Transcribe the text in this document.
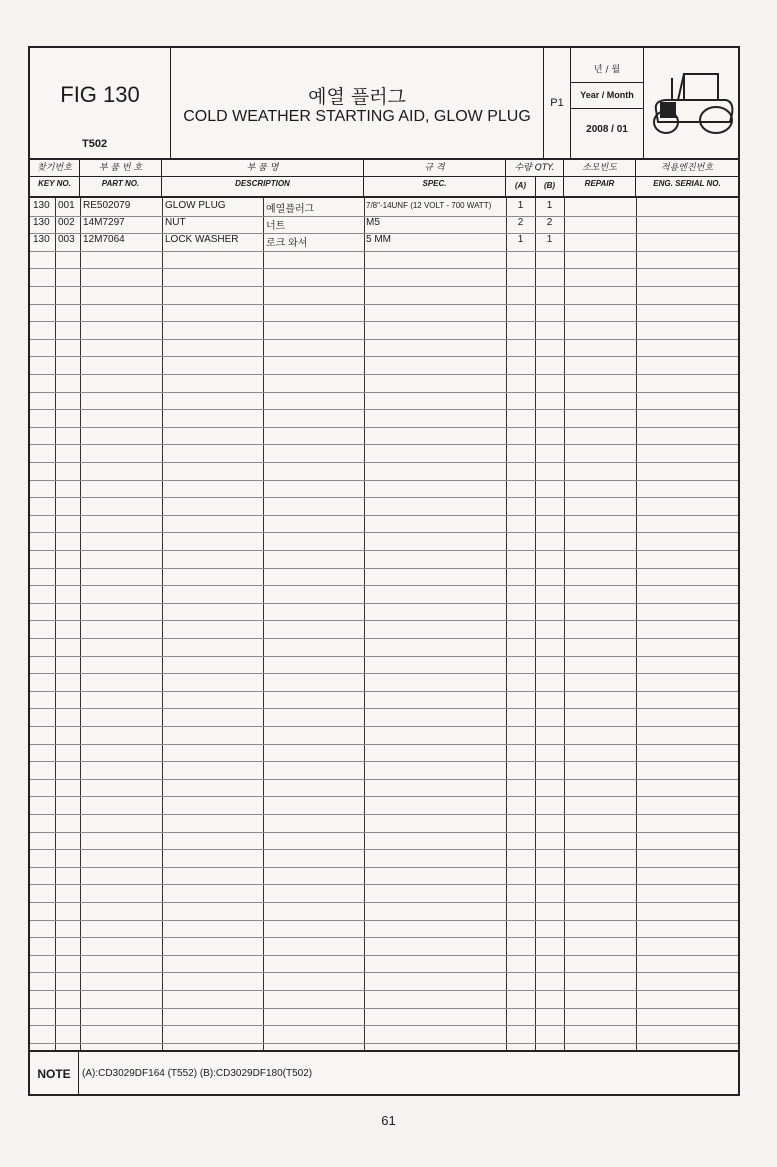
FIG 130
T502
예열 플러그
COLD WEATHER STARTING AID, GLOW PLUG
P1
년 / 월
Year / Month
2008 / 01
찾기번호
KEY NO.
부 품 번 호
PART NO.
부 품 명
DESCRIPTION
규 격
SPEC.
수량 QTY.
(A)	(B)
소모빈도
REPAIR
적용엔진번호
ENG. SERIAL NO.
130 001 RE502079	GLOW PLUG	예열플러그	7/8"-14UNF (12 VOLT - 700 WATT)	1	1
130 002 14M7297	NUT	너트	M5	2	2
130 003 12M7064	LOCK WASHER	로크 와셔	5 MM	1	1
NOTE	(A):CD3029DF164 (T552) (B):CD3029DF180(T502)
61
